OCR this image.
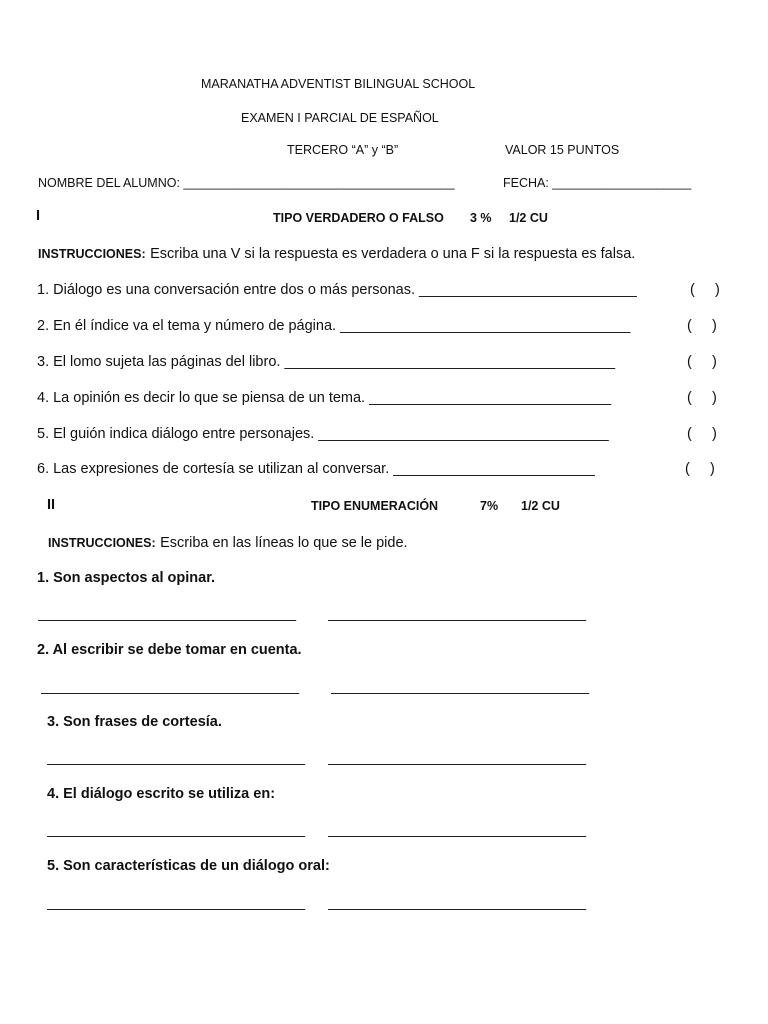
MARANATHA ADVENTIST BILINGUAL SCHOOL
EXAMEN I PARCIAL DE ESPAÑOL
TERCERO “A” y “B”	VALOR 15 PUNTOS
NOMBRE DEL ALUMNO: _______________________________________	FECHA: ____________________
I	TIPO VERDADERO O FALSO 3 % 1/2 CU
INSTRUCCIONES: Escriba una V si la respuesta es verdadera o una F si la respuesta es falsa.
1. Diálogo es una conversación entre dos o más personas. ___________________________	(     )
2. En él índice va el tema y número de página. ____________________________________	(     )
3. El lomo sujeta las páginas del libro. _________________________________________	(     )
4. La opinión es decir lo que se piensa de un tema. ______________________________	(     )
5. El guión indica diálogo entre personajes. ____________________________________	(     )
6. Las expresiones de cortesía se utilizan al conversar. _________________________	(     )
II	TIPO ENUMERACIÓN	7% 1/2 CU
INSTRUCCIONES: Escriba en las líneas lo que se le pide.
1. Son aspectos al opinar.
________________________________	________________________________
2. Al escribir se debe tomar en cuenta.
________________________________	________________________________
3. Son frases de cortesía.
________________________________ ________________________________
4. El diálogo escrito se utiliza en:
________________________________ ________________________________
5. Son características de un diálogo oral:
________________________________ ________________________________
